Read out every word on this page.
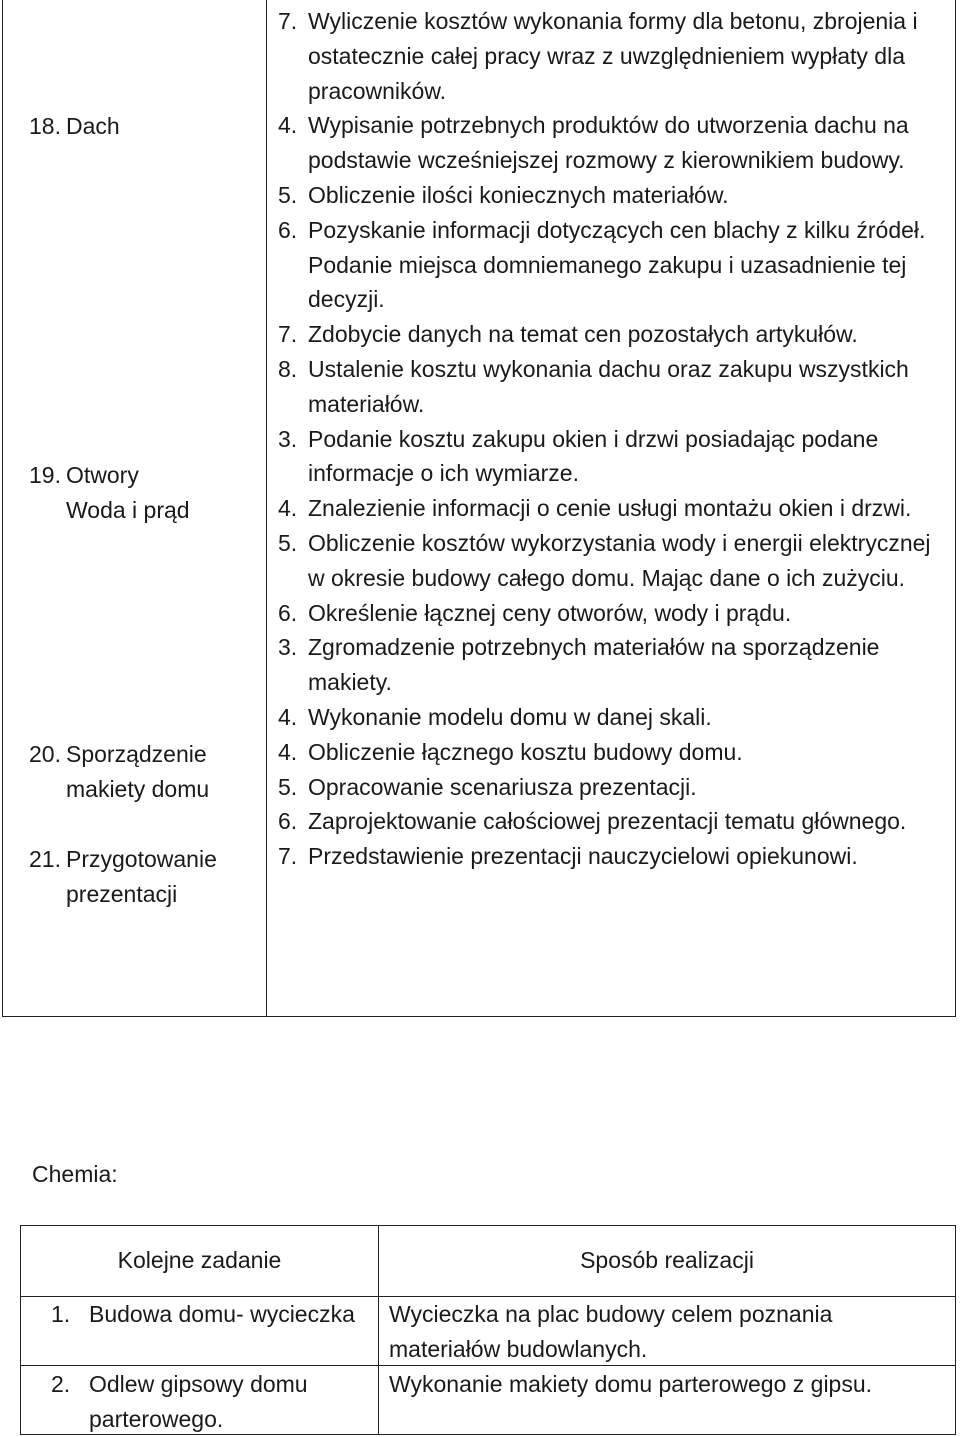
18. Dach
19. Otwory
Woda i prąd
20. Sporządzenie
makiety domu
21. Przygotowanie
prezentacji
7. Wyliczenie kosztów wykonania formy dla betonu, zbrojenia i ostatecznie całej pracy wraz z uwzględnieniem wypłaty dla pracowników.
4. Wypisanie potrzebnych produktów do utworzenia dachu na podstawie wcześniejszej rozmowy z kierownikiem budowy.
5. Obliczenie ilości koniecznych materiałów.
6. Pozyskanie informacji dotyczących cen blachy z kilku źródeł. Podanie miejsca domniemanego zakupu i uzasadnienie tej decyzji.
7. Zdobycie danych na temat cen pozostałych artykułów.
8. Ustalenie kosztu wykonania dachu oraz zakupu wszystkich materiałów.
3. Podanie kosztu zakupu okien i drzwi posiadając podane informacje o ich wymiarze.
4. Znalezienie informacji o cenie usługi montażu okien i drzwi.
5. Obliczenie kosztów wykorzystania wody i energii elektrycznej w okresie budowy całego domu. Mając dane o ich zużyciu.
6. Określenie łącznej ceny otworów, wody i prądu.
3. Zgromadzenie potrzebnych materiałów na sporządzenie makiety.
4. Wykonanie modelu domu w danej skali.
4. Obliczenie łącznego kosztu budowy domu.
5. Opracowanie scenariusza prezentacji.
6. Zaprojektowanie całościowej prezentacji tematu głównego.
7. Przedstawienie prezentacji nauczycielowi opiekunowi.
Chemia:
Kolejne zadanie	Sposób realizacji
1. Budowa domu- wycieczka	Wycieczka na plac budowy celem poznania materiałów budowlanych.
2. Odlew gipsowy domu parterowego.
Wykonanie makiety domu parterowego z gipsu.
